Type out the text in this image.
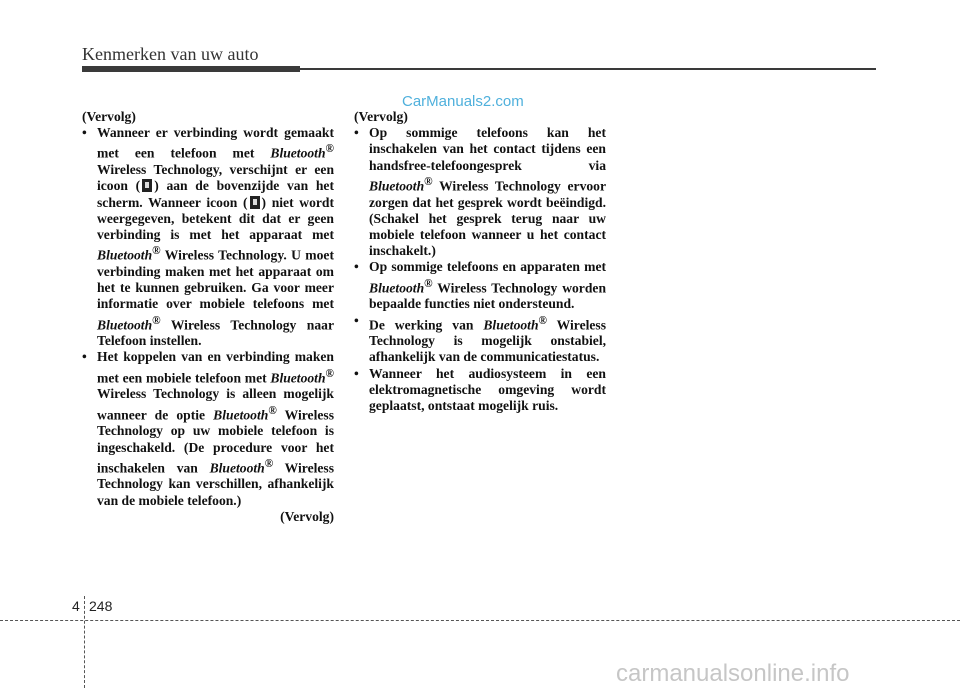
Kenmerken van uw auto
CarManuals2.com

(Vervolg)

• Wanneer er verbinding wordt gemaakt met een telefoon met Bluetooth® Wireless Technology, verschijnt er een icoon ( ) aan de bovenzijde van het scherm. Wanneer icoon ( ) niet wordt weergegeven, betekent dit dat er geen verbinding is met het apparaat met Bluetooth® Wireless Technology. U moet verbinding maken met het apparaat om het te kunnen gebruiken. Ga voor meer informatie over mobiele telefoons met Bluetooth® Wireless Technology naar Telefoon instellen.
• Het koppelen van en verbinding maken met een mobiele telefoon met Bluetooth® Wireless Technology is alleen mogelijk wanneer de optie Bluetooth® Wireless Technology op uw mobiele telefoon is ingeschakeld. (De procedure voor het inschakelen van Bluetooth® Wireless Technology kan verschillen, afhankelijk van de mobiele telefoon.)

(Vervolg)

(Vervolg)

• Op sommige telefoons kan het inschakelen van het contact tijdens een handsfree-telefoongesprek via Bluetooth® Wireless Technology ervoor zorgen dat het gesprek wordt beëindigd. (Schakel het gesprek terug naar uw mobiele telefoon wanneer u het contact inschakelt.)
• Op sommige telefoons en apparaten met Bluetooth® Wireless Technology worden bepaalde functies niet ondersteund.
• De werking van Bluetooth® Wireless Technology is mogelijk onstabiel, afhankelijk van de communicatiestatus.
• Wanneer het audiosysteem in een elektromagnetische omgeving wordt geplaatst, ontstaat mogelijk ruis.
4 248
carmanualsonline.info
